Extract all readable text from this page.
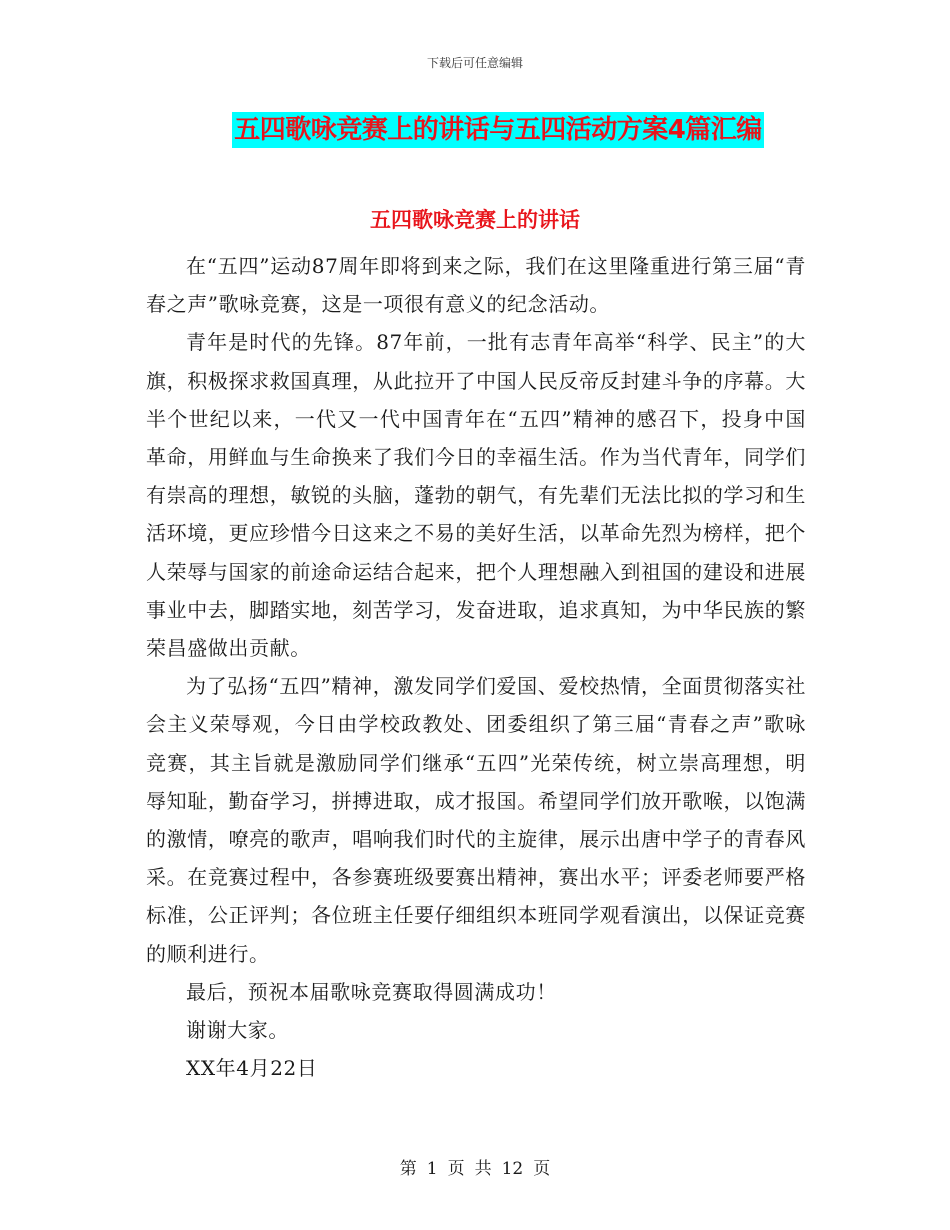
下载后可任意编辑
五四歌咏竞赛上的讲话与五四活动方案4篇汇编
五四歌咏竞赛上的讲话

在“五四”运动87周年即将到来之际，我们在这里隆重进行第三届“青春之声”歌咏竞赛，这是一项很有意义的纪念活动。

青年是时代的先锋。87年前，一批有志青年高举“科学、民主”的大旗，积极探求救国真理，从此拉开了中国人民反帝反封建斗争的序幕。大半个世纪以来，一代又一代中国青年在“五四”精神的感召下，投身中国革命，用鲜血与生命换来了我们今日的幸福生活。作为当代青年，同学们有崇高的理想，敏锐的头脑，蓬勃的朝气，有先辈们无法比拟的学习和生活环境，更应珍惜今日这来之不易的美好生活，以革命先烈为榜样，把个人荣辱与国家的前途命运结合起来，把个人理想融入到祖国的建设和进展事业中去，脚踏实地，刻苦学习，发奋进取，追求真知，为中华民族的繁荣昌盛做出贡献。

为了弘扬“五四”精神，激发同学们爱国、爱校热情，全面贯彻落实社会主义荣辱观，今日由学校政教处、团委组织了第三届“青春之声”歌咏竞赛，其主旨就是激励同学们继承“五四”光荣传统，树立崇高理想，明辱知耻，勤奋学习，拼搏进取，成才报国。希望同学们放开歌喉，以饱满的激情，嘹亮的歌声，唱响我们时代的主旋律，展示出唐中学子的青春风采。在竞赛过程中，各参赛班级要赛出精神，赛出水平；评委老师要严格标准，公正评判；各位班主任要仔细组织本班同学观看演出，以保证竞赛的顺利进行。

最后，预祝本届歌咏竞赛取得圆满成功！

谢谢大家。

XX年4月22日

第 1 页 共 12 页
